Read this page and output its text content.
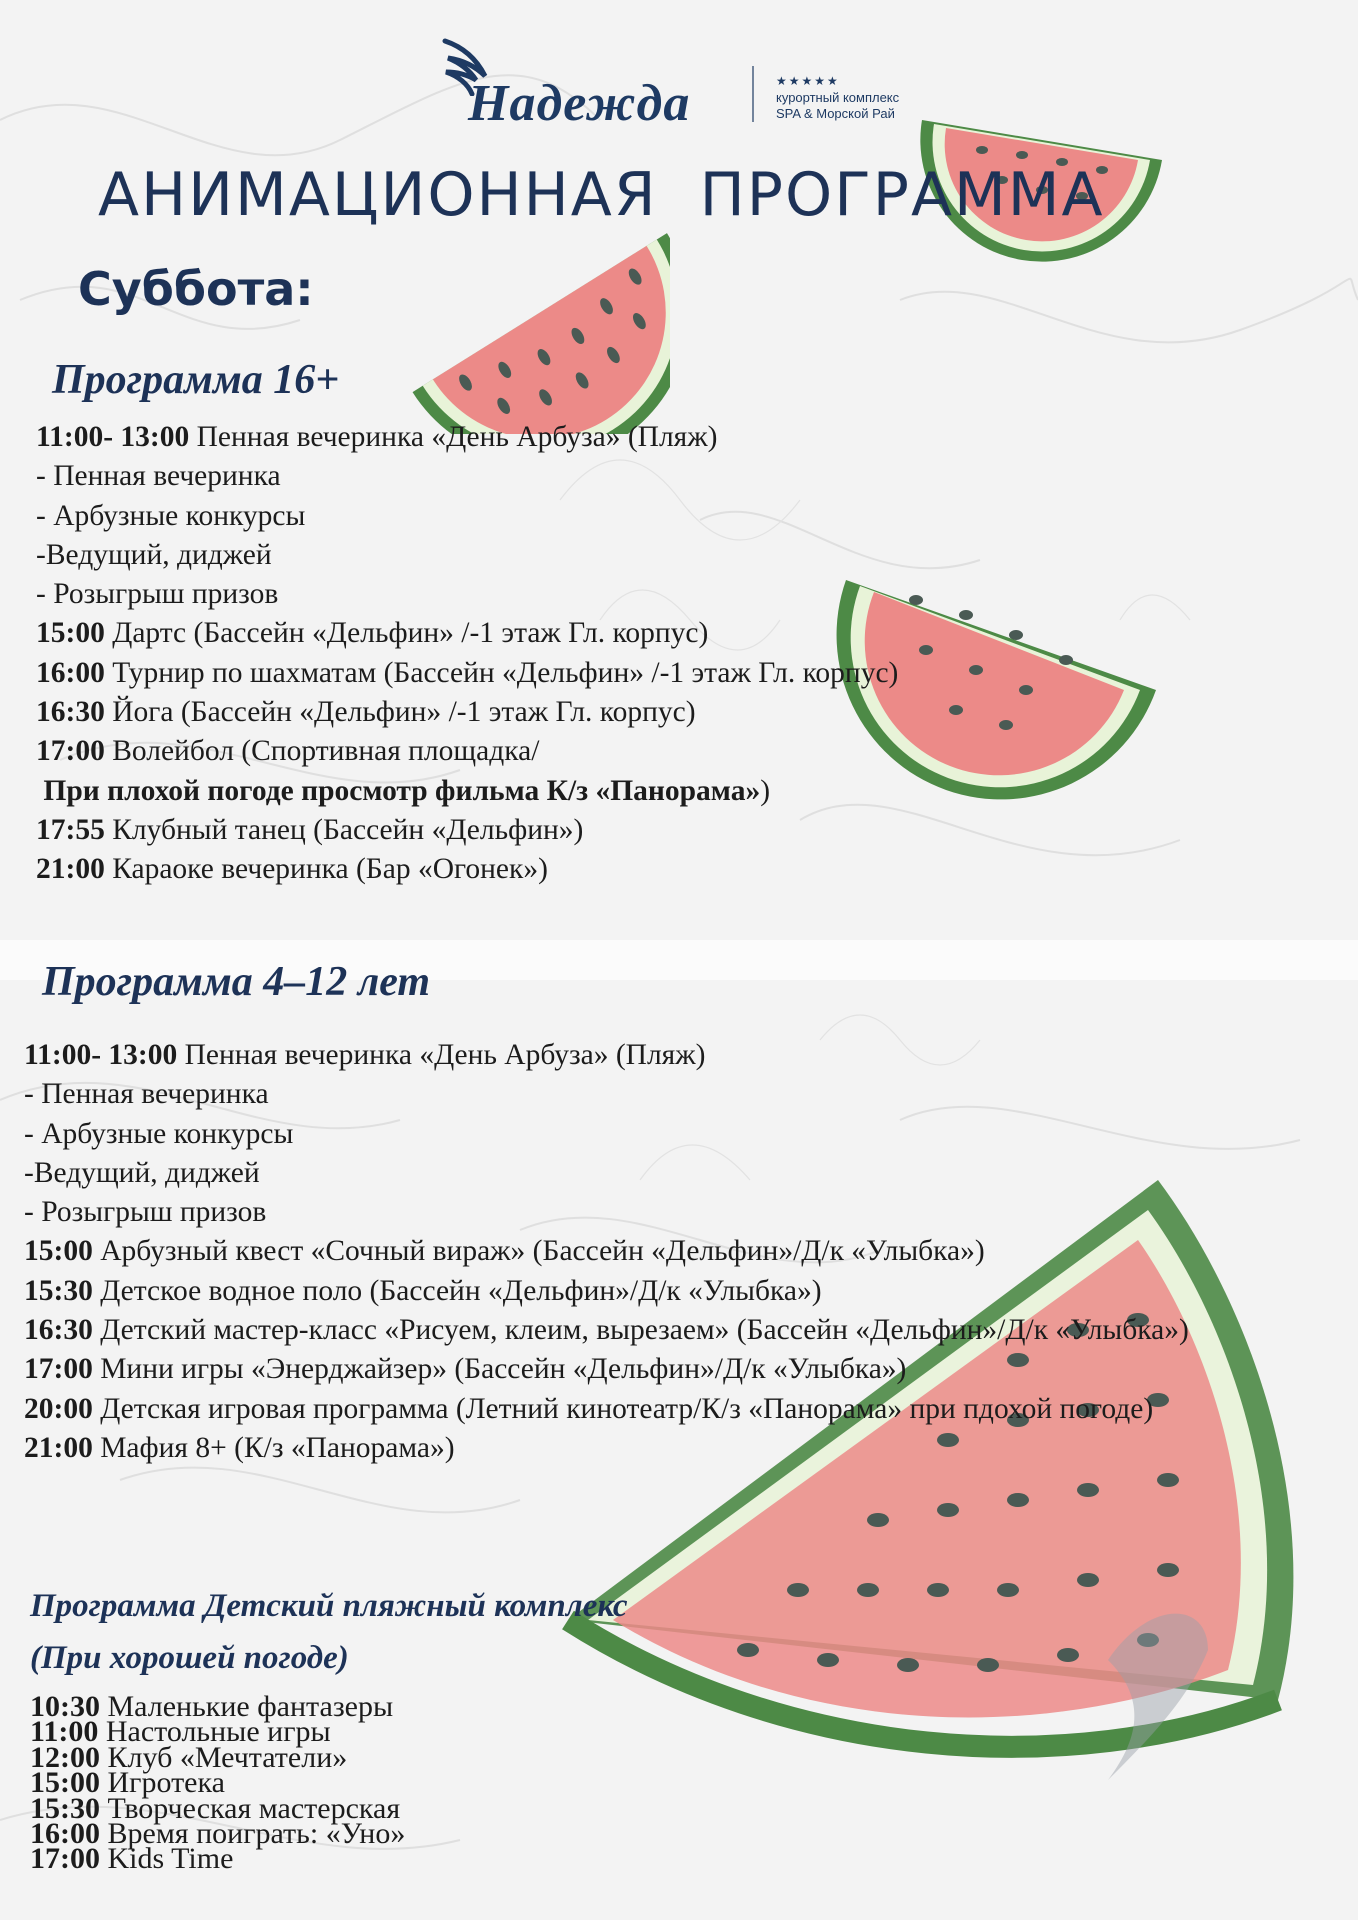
Надежда	★★★★★
курортный комплекс
SPA & Морской Рай
АНИМАЦИОННАЯ  ПРОГРАММА
Суббота:
Программа 16+
11:00- 13:00 Пенная вечеринка «День Арбуза» (Пляж)
- Пенная вечеринка
- Арбузные конкурсы
-Ведущий, диджей
- Розыгрыш призов
15:00 Дартс (Бассейн «Дельфин» /-1 этаж Гл. корпус)
16:00 Турнир по шахматам (Бассейн «Дельфин» /-1 этаж Гл. корпус)
16:30 Йога (Бассейн «Дельфин» /-1 этаж Гл. корпус)
17:00 Волейбол (Спортивная площадка/
При плохой погоде просмотр фильма К/з «Панорама»)
17:55 Клубный танец (Бассейн «Дельфин»)
21:00 Караоке вечеринка (Бар «Огонек»)
Программа 4–12 лет
11:00- 13:00 Пенная вечеринка «День Арбуза» (Пляж)
- Пенная вечеринка
- Арбузные конкурсы
-Ведущий, диджей
- Розыгрыш призов
15:00 Арбузный квест «Сочный вираж» (Бассейн «Дельфин»/Д/к «Улыбка»)
15:30 Детское водное поло (Бассейн «Дельфин»/Д/к «Улыбка»)
16:30 Детский мастер-класс «Рисуем, клеим, вырезаем» (Бассейн «Дельфин»/Д/к «Улыбка»)
17:00 Мини игры «Энерджайзер» (Бассейн «Дельфин»/Д/к «Улыбка»)
20:00 Детская игровая программа (Летний кинотеатр/К/з «Панорама» при пдохой погоде)
21:00 Мафия 8+ (К/з «Панорама»)
Программа Детский пляжный комплекс
(При хорошей погоде)
10:30 Маленькие фантазеры
11:00 Настольные игры
12:00 Клуб «Мечтатели»
15:00 Игротека
15:30 Творческая мастерская
16:00 Время поиграть: «Уно»
17:00 Kids Time
